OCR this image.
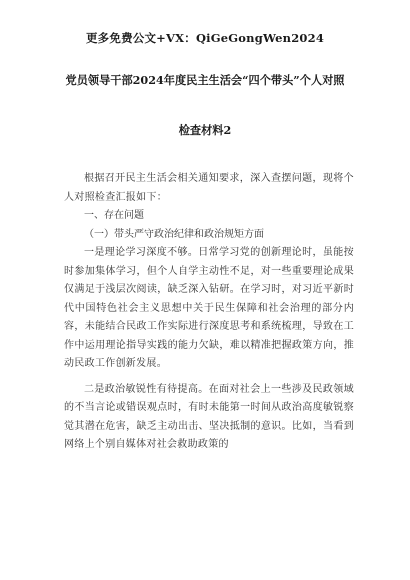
更多免费公文+VX：QiGeGongWen2024
党员领导干部2024年度民主生活会“四个带头”个人对照
检查材料2

根据召开民主生活会相关通知要求，深入查摆问题，现将个人对照检查汇报如下：

一、存在问题

（一）带头严守政治纪律和政治规矩方面

一是理论学习深度不够。日常学习党的创新理论时，虽能按时参加集体学习，但个人自学主动性不足，对一些重要理论成果仅满足于浅层次阅读，缺乏深入钻研。在学习时，对习近平新时代中国特色社会主义思想中关于民生保障和社会治理的部分内容，未能结合民政工作实际进行深度思考和系统梳理，导致在工作中运用理论指导实践的能力欠缺，难以精准把握政策方向，推动民政工作创新发展。

二是政治敏锐性有待提高。在面对社会上一些涉及民政领域的不当言论或错误观点时，有时未能第一时间从政治高度敏锐察觉其潜在危害，缺乏主动出击、坚决抵制的意识。比如，当看到网络上个别自媒体对社会救助政策的
